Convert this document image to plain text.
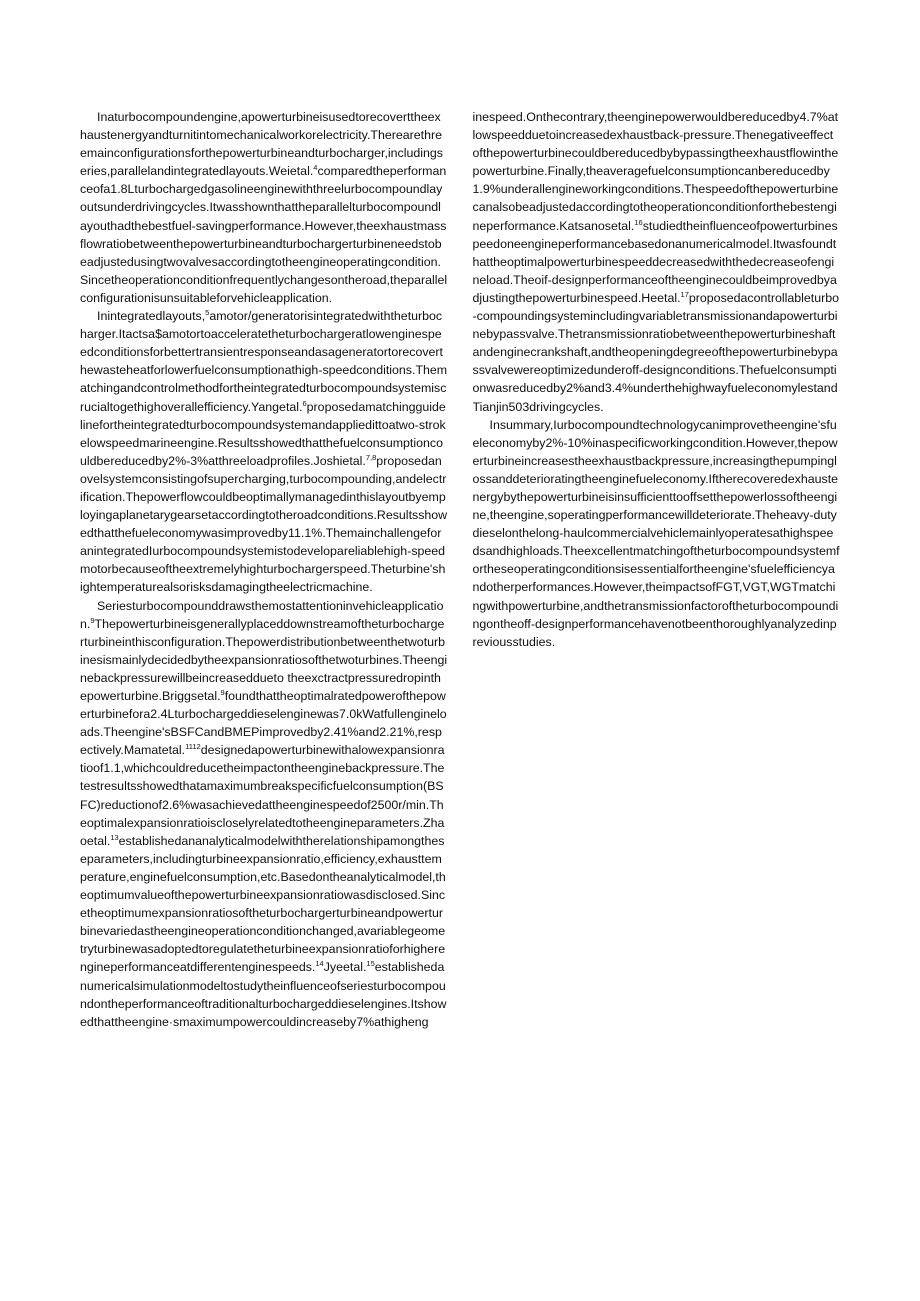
Inaturbocompoundengine,apowerturbineisusedtorecoverttheexhaustenergyandturnitintomechanicalworkorelectricity.Therearethreemainconfigurationsforthepowerturbineandturbocharger,includingseries,parallelandintegratedlayouts.Weietal.$^4$comparedtheperformanceofa1.8Lturbochargedgasolineenginewiththreelurbocompoundlayoutsunderdrivingcycles.Itwasshownthattheparallelturbocompoundlayouthadthebestfuel-savingperformance.However,theexhaustmassflowratiobetweenthepowerturbineandturbochargerturbineneedstobeadjustedusingtwovalvesaccordingtotheengineoperatingcondition.Sincetheoperationconditionfrequentlychangesontheroad,theparallelconfigurationisunsuitableforvehicleapplication.

Inintegratedlayouts,$^5$amotor/generatorisintegratedwiththeturbocharger.Itactsa$amotortoacceleratetheturbochargeratlowenginespeedconditionsforbettertransientresponseandasageneratortorecoverthewasteheatforlowerfuelconsumptionathigh-speedconditions.Thematchingandcontrolmethodfortheintegratedturbocompoundsystemiscrucialtogethighoverallefficiency.Yangetal.$^6$proposedamatchingguidelinefortheintegratedturbocompoundsystemandappliedittoatwo-strokelowspeedmarineengine.Resultsshowedthatthefuelconsumptioncouldbereducedby2%-3%atthreeloadprofiles.Joshietal.$^{7,8}$proposedanovelsystemconsistingofsupercharging,turbocompounding,andelectrification.Thepowerflowcouldbeoptimallymanagedinthislayoutbyemployingaplanetarygearsetaccordingtotheroadconditions.Resultsshowedthatthefueleconomywasimprovedby11.1%.ThemainchallengeforanintegratedIurbocompoundsystemistodevelopareliablehigh-speedmotorbecauseoftheextremelyhighturbochargerspeed.Theturbine'shightemperaturealsorisksdamagingtheelectricmachine.

Seriesturbocompounddrawsthemostattentioninvehicleapplication.$^9$Thepowerturbineisgenerallyplaceddownstreamoftheturbochargerturbineinthisconfiguration.Thepowerdistributionbetweenthetwoturbinesismainlydecidedbytheexpansionratiosofthetwoturbines.Theenginebackpressurewillbeincreaseddueto theexctractpressuredropinthepowerturbine.Briggsetal.$^9$foundthattheoptimalratedpowerofthepowerturbineforа2.4Lturbochargeddieselenginewas7.0kWatfullengineloads.Theengine'sBSFCandBMEPimprovedby2.41%and2.21%,respectively.Mamatetal.$^{1112}$designedapowerturbinewithalowexpansionratioof1.1,whichcouldreducetheimpactontheenginebackpressure.Thetestresultsshowedthatamaximumbreakspecificfuelconsumption(BSFC)reductionof2.6%wasachievedattheenginespeedof2500r/min.Theoptimalexpansionratioiscloselyrelatedtotheengineparameters.Zhaoetal.$^{13}$establishedananalyticalmodelwiththerelationshipamongtheseparameters,includingturbineexpansionratio,efficiency,exhausttemperature,enginefuelconsumption,etc.Basedontheanalyticalmodel,theoptimumvalueofthepowerturbineexpansionratiowasdisclosed.Sincetheoptimumexpansionratiosoftheturbochargerturbineandpowerturbinevariedastheengineoperationconditionchanged,avariablegeometryturbinewasadoptedtoregulatetheturbineexpansionratioforhigherengineperformanceatdifferentenginespeeds.$^{14}$Jyeetal.$^{15}$establishedanumericalsimulationmodeltostudytheinfluenceofseriesturbocompoundontheperformanceoftraditionalturbochargeddieselengines.Itshowedthattheengine·smaximumpowercouldincreaseby7%athigheng

inespeed.Onthecontrary,theenginepowerwouldbereducedby4.7%atlowspeedduetoincreasedexhaustback-pressure.Thenegativeeffectofthepowerturbinecouldbereducedbybypassingtheexhaustflowinthepowerturbine.Finally,theaveragefuelconsumptioncanbereducedby1.9%underallengineworkingconditions.Thespeedofthepowerturbinecanalsobeadjustedaccordingtotheoperationconditionforthebestengineperformance.Katsanosetal.$^{16}$studiedtheinfluenceofpowerturbinespeedoneengineperformancebasedonanumericalmodel.Itwasfoundthattheoptimalpowerturbinespeeddecreasedwiththedecreaseofengineload.Theoif-designperformanceoftheenginecouldbeimprovedbyadjustingthepowerturbinespeed.Heetal.$^{17}$proposedacontrollableturbo-compoundingsystemincludingvariabletransmissionandapowerturbinebypassvalve.Thetransmissionratiobetweenthepowerturbineshaftandenginecrankshaft,andtheopeningdegreeofthepowerturbinebypassvalvewereoptimizedunderoff-designconditions.Thefuelconsumptionwasreducedby2%and3.4%underthehighwayfueleconomylestand

Tianjin503drivingcycles.

Insummary,Iurbocompoundtechnologycanimprovetheengine'sfueleconomyby2%-10%inaspecificworkingcondition.However,thepowerturbineincreasestheexhaustbackpressure,increasingthepumpinglossanddeterioratingtheenginefueleconomy.Iftherecoveredexhaustenergybythepowerturbineisinsufficienttooffsetthepowerlossoftheengine,theengine,soperatingperformancewilldeteriorate.Theheavy-dutydieselonthelong-haulcommercialvehiclemainlyoperatesathighspeedsandhighloads.Theexcellentmatchingoftheturbocompoundsystemfortheseoperatingconditionsisessentialfortheengine'sfuelefficiencyandotherperformances.However,theimpactsofFGT,VGT,WGTmatchingwithpowerturbine,andthetransmissionfactoroftheturbocompoundingontheoff-designperformancehavenotbeenthoroughlyanalyzedinpreviousstudies.
